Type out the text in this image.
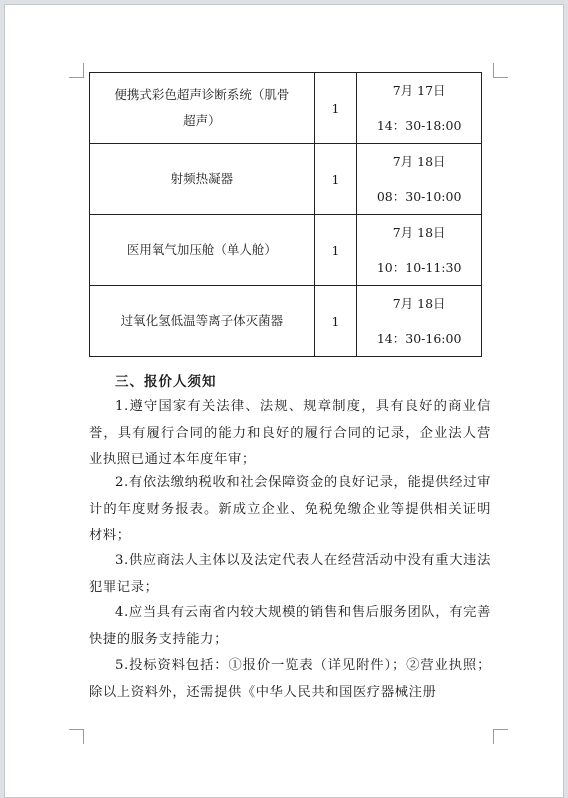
便携式彩色超声诊断系统（肌骨
超声）	1	7月 17日
14：30-18:00

射频热凝器	1	7月 18日
08：30-10:00

医用氧气加压舱（单人舱）	1	7月 18日
10：10-11:30

过氧化氢低温等离子体灭菌器	1	7月 18日
14：30-16:00
三、报价人须知

1.遵守国家有关法律、法规、规章制度，具有良好的商业信誉，具有履行合同的能力和良好的履行合同的记录，企业法人营业执照已通过本年度年审；

2.有依法缴纳税收和社会保障资金的良好记录，能提供经过审计的年度财务报表。新成立企业、免税免缴企业等提供相关证明材料；

3.供应商法人主体以及法定代表人在经营活动中没有重大违法犯罪记录；

4.应当具有云南省内较大规模的销售和售后服务团队，有完善快捷的服务支持能力；

5.投标资料包括：①报价一览表（详见附件）；②营业执照；除以上资料外，还需提供《中华人民共和国医疗器械注册
